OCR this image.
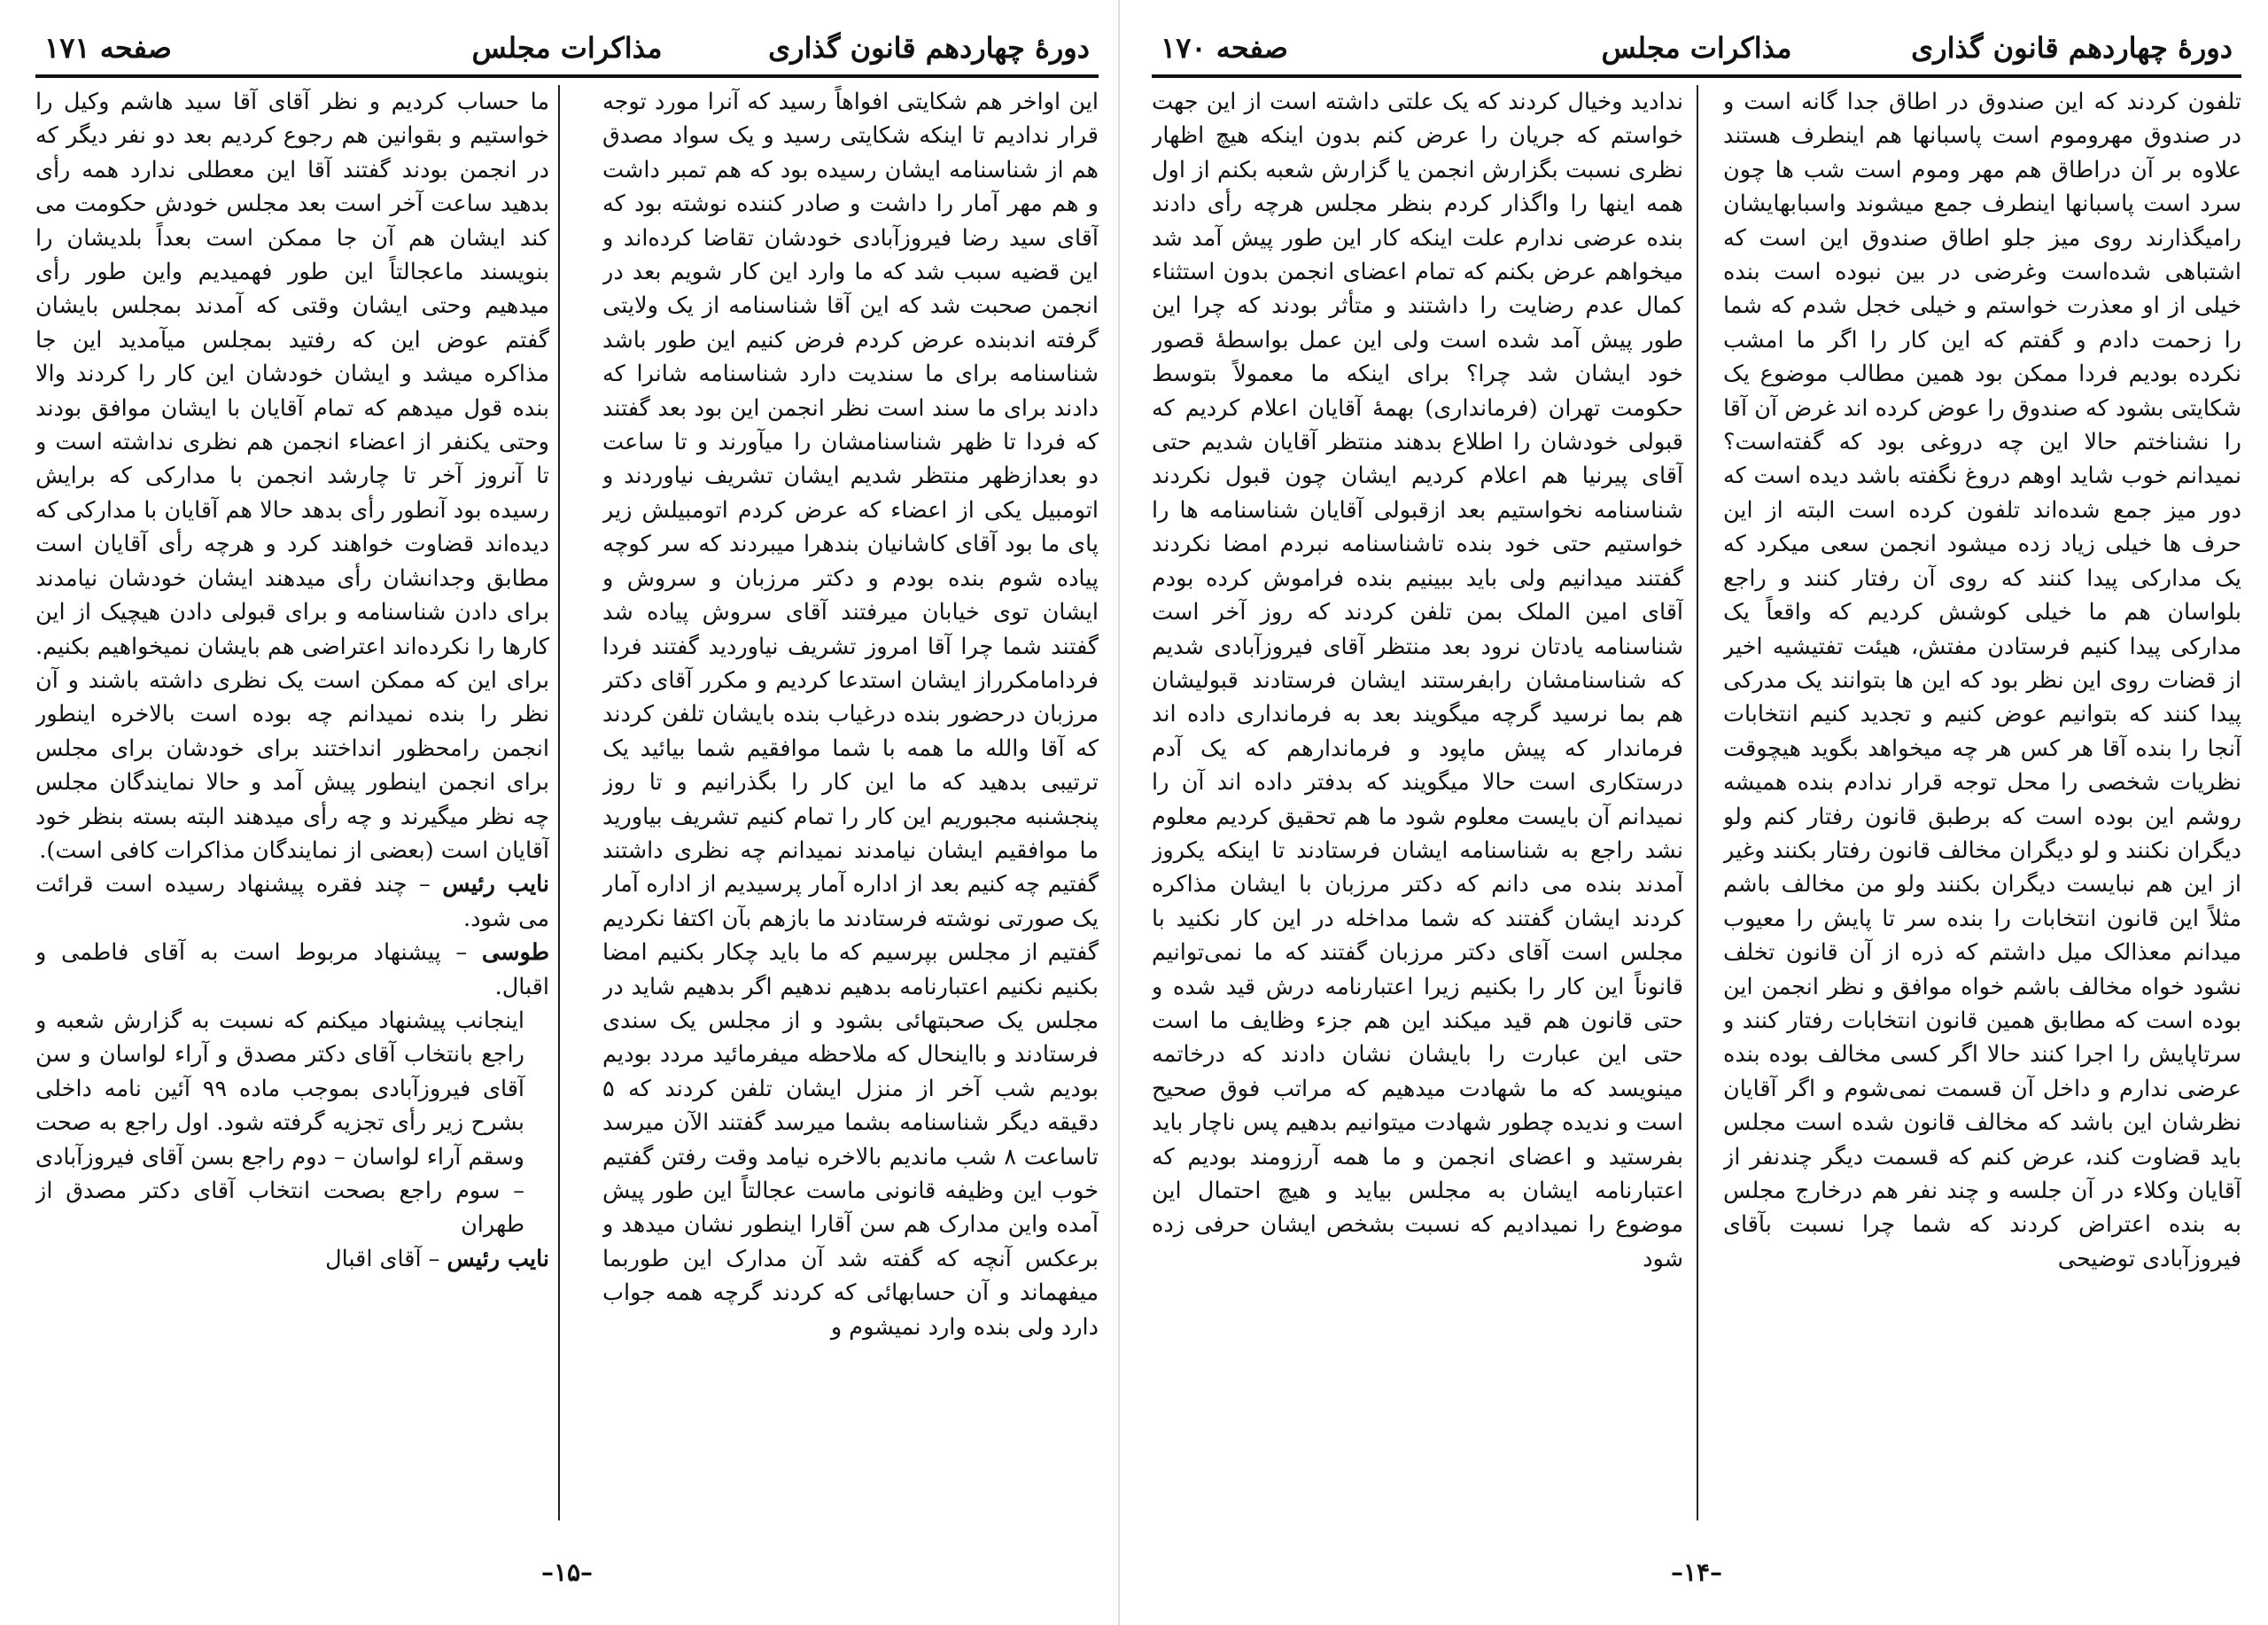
دورهٔ چهاردهم قانون گذاری
مذاکرات مجلس
صفحه ۱۷۱

این اواخر هم شکایتی افواهاً رسید که آنرا مورد توجه قرار ندادیم تا اینکه شکایتی رسید و یک سواد مصدق هم از شناسنامه ایشان رسیده بود که هم تمبر داشت و هم مهر آمار را داشت و صادر کننده نوشته بود که آقای سید رضا فیروزآبادی خودشان تقاضا کرده‌اند و این قضیه سبب شد که ما وارد این کار شویم بعد در انجمن صحبت شد که این آقا شناسنامه از یک ولایتی گرفته اندبنده عرض کردم فرض کنیم این طور باشد شناسنامه برای ما سندیت دارد شناسنامه شانرا که دادند برای ما سند است نظر انجمن این بود بعد گفتند که فردا تا ظهر شناسنامشان را میآورند و تا ساعت دو بعدازظهر منتظر شدیم ایشان تشریف نیاوردند و اتومبیل یکی از اعضاء که عرض کردم اتومبیلش زیر پای ما بود آقای کاشانیان بندهرا میبردند که سر کوچه پیاده شوم بنده بودم و دکتر مرزبان و سروش و ایشان توی خیابان میرفتند آقای سروش پیاده شد گفتند شما چرا آقا امروز تشریف نیاوردید گفتند فردا فردامامکرراز ایشان استدعا کردیم و مکرر آقای دکتر مرزبان درحضور بنده درغیاب بنده بایشان تلفن کردند که آقا والله ما همه با شما موافقیم شما بیائید یک ترتیبی بدهید که ما این کار را بگذرانیم و تا روز پنجشنبه مجبوریم این کار را تمام کنیم تشریف بیاورید ما موافقیم ایشان نیامدند نمیدانم چه نظری داشتند گفتیم چه کنیم بعد از اداره آمار پرسیدیم از اداره آمار یک صورتی نوشته فرستادند ما بازهم بآن اکتفا نکردیم گفتیم از مجلس بپرسیم که ما باید چکار بکنیم امضا بکنیم نکنیم اعتبارنامه بدهیم ندهیم اگر بدهیم شاید در مجلس یک صحبتهائی بشود و از مجلس یک سندی فرستادند و بااینحال که ملاحظه میفرمائید مردد بودیم بودیم شب آخر از منزل ایشان تلفن کردند که ۵ دقیقه دیگر شناسنامه بشما میرسد گفتند الآن میرسد تاساعت ۸ شب ماندیم بالاخره نیامد وقت رفتن گفتیم خوب این وظیفه قانونی ماست عجالتاً این طور پیش آمده واین مدارک هم سن آقارا اینطور نشان میدهد و برعکس آنچه که گفته شد آن مدارک این طوربما میفهماند و آن حسابهائی که کردند گرچه همه جواب دارد ولی بنده وارد نمیشوم و

ما حساب کردیم و نظر آقای آقا سید هاشم وکیل را خواستیم و بقوانین هم رجوع کردیم بعد دو نفر دیگر که در انجمن بودند گفتند آقا این معطلی ندارد همه رأی بدهید ساعت آخر است بعد مجلس خودش حکومت می کند ایشان هم آن جا ممکن است بعداً بلدیشان را بنویسند ماعجالتاً این طور فهمیدیم واین طور رأی میدهیم وحتی ایشان وقتی که آمدند بمجلس بایشان گفتم عوض این که رفتید بمجلس میآمدید این جا مذاکره میشد و ایشان خودشان این کار را کردند والا بنده قول میدهم که تمام آقایان با ایشان موافق بودند وحتی یکنفر از اعضاء انجمن هم نظری نداشته است و تا آنروز آخر تا چارشد انجمن با مدارکی که برایش رسیده بود آنطور رأی بدهد حالا هم آقایان با مدارکی که دیده‌اند قضاوت خواهند کرد و هرچه رأی آقایان است مطابق وجدانشان رأی میدهند ایشان خودشان نیامدند برای دادن شناسنامه و برای قبولی دادن هیچیک از این کارها را نکرده‌اند اعتراضی هم بایشان نمیخواهیم بکنیم. برای این که ممکن است یک نظری داشته باشند و آن نظر را بنده نمیدانم چه بوده است بالاخره اینطور انجمن رامحظور انداختند برای خودشان برای مجلس برای انجمن اینطور پیش آمد و حالا نمایندگان مجلس چه نظر میگیرند و چه رأی میدهند البته بسته بنظر خود آقایان است (بعضی از نمایندگان مذاکرات کافی است).

نایب رئیس – چند فقره پیشنهاد رسیده است قرائت می شود.

طوسی – پیشنهاد مربوط است به آقای فاطمی و اقبال.

اینجانب پیشنهاد میکنم که نسبت به گزارش شعبه و راجع بانتخاب آقای دکتر مصدق و آراء لواسان و سن آقای فیروزآبادی بموجب ماده ۹۹ آئین نامه داخلی بشرح زیر رأی تجزیه گرفته شود. اول راجع به صحت وسقم آراء لواسان – دوم راجع بسن آقای فیروزآبادی – سوم راجع بصحت انتخاب آقای دکتر مصدق از طهران

نایب رئیس – آقای اقبال

–۱۵–
دورهٔ چهاردهم قانون گذاری
مذاکرات مجلس
صفحه ۱۷۰

تلفون کردند که این صندوق در اطاق جدا گانه است و در صندوق مهروموم است پاسبانها هم اینطرف هستند علاوه بر آن دراطاق هم مهر وموم است شب ها چون سرد است پاسبانها اینطرف جمع میشوند واسبابهایشان رامیگذارند روی میز جلو اطاق صندوق این است که اشتباهی شده‌است وغرضی در بین نبوده است بنده خیلی از او معذرت خواستم و خیلی خجل شدم که شما را زحمت دادم و گفتم که این کار را اگر ما امشب نکرده بودیم فردا ممکن بود همین مطالب موضوع یک شکایتی بشود که صندوق را عوض کرده اند غرض آن آقا را نشناختم حالا این چه دروغی بود که گفته‌است؟ نمیدانم خوب شاید اوهم دروغ نگفته باشد دیده است که دور میز جمع شده‌اند تلفون کرده است البته از این حرف ها خیلی زیاد زده میشود انجمن سعی میکرد که یک مدارکی پیدا کنند که روی آن رفتار کنند و راجع بلواسان هم ما خیلی کوشش کردیم که واقعاً یک مدارکی پیدا کنیم فرستادن مفتش، هیئت تفتیشیه اخیر از قضات روی این نظر بود که این ها بتوانند یک مدرکی پیدا کنند که بتوانیم عوض کنیم و تجدید کنیم انتخابات آنجا را بنده آقا هر کس هر چه میخواهد بگوید هیچوقت نظریات شخصی را محل توجه قرار ندادم بنده همیشه روشم این بوده است که برطبق قانون رفتار کنم ولو دیگران نکنند و لو دیگران مخالف قانون رفتار بکنند وغیر از این هم نبایست دیگران بکنند ولو من مخالف باشم مثلاً این قانون انتخابات را بنده سر تا پایش را معیوب میدانم معذالک میل داشتم که ذره از آن قانون تخلف نشود خواه مخالف باشم خواه موافق و نظر انجمن این بوده است که مطابق همین قانون انتخابات رفتار کنند و سرتاپایش را اجرا کنند حالا اگر کسی مخالف بوده بنده عرضی ندارم و داخل آن قسمت نمی‌شوم و اگر آقایان نظرشان این باشد که مخالف قانون شده است مجلس باید قضاوت کند، عرض کنم که قسمت دیگر چندنفر از آقایان وکلاء در آن جلسه و چند نفر هم درخارج مجلس به بنده اعتراض کردند که شما چرا نسبت بآقای فیروزآبادی توضیحی

ندادید وخیال کردند که یک علتی داشته است از این جهت خواستم که جریان را عرض کنم بدون اینکه هیچ اظهار نظری نسبت بگزارش انجمن یا گزارش شعبه بکنم از اول همه اینها را واگذار کردم بنظر مجلس هرچه رأی دادند بنده عرضی ندارم علت اینکه کار این طور پیش آمد شد میخواهم عرض بکنم که تمام اعضای انجمن بدون استثناء کمال عدم رضایت را داشتند و متأثر بودند که چرا این طور پیش آمد شده است ولی این عمل بواسطهٔ قصور خود ایشان شد چرا؟ برای اینکه ما معمولاً بتوسط حکومت تهران (فرمانداری) بهمهٔ آقایان اعلام کردیم که قبولی خودشان را اطلاع بدهند منتظر آقایان شدیم حتی آقای پیرنیا هم اعلام کردیم ایشان چون قبول نکردند شناسنامه نخواستیم بعد ازقبولی آقایان شناسنامه ها را خواستیم حتی خود بنده تاشناسنامه نبردم امضا نکردند گفتند میدانیم ولی باید ببینیم بنده فراموش کرده بودم آقای امین الملک بمن تلفن کردند که روز آخر است شناسنامه یادتان نرود بعد منتظر آقای فیروزآبادی شدیم که شناسنامشان رابفرستند ایشان فرستادند قبولیشان هم بما نرسید گرچه میگویند بعد به فرمانداری داده اند فرماندار که پیش ماپود و فرماندارهم که یک آدم درستکاری است حالا میگویند که بدفتر داده اند آن را نمیدانم آن بایست معلوم شود ما هم تحقیق کردیم معلوم نشد راجع به شناسنامه ایشان فرستادند تا اینکه یکروز آمدند بنده می دانم که دکتر مرزبان با ایشان مذاکره کردند ایشان گفتند که شما مداخله در این کار نکنید با مجلس است آقای دکتر مرزبان گفتند که ما نمی‌توانیم قانوناً این کار را بکنیم زیرا اعتبارنامه درش قید شده و حتی قانون هم قید میکند این هم جزء وظایف ما است حتی این عبارت را بایشان نشان دادند که درخاتمه مینویسد که ما شهادت میدهیم که مراتب فوق صحیح است و ندیده چطور شهادت میتوانیم بدهیم پس ناچار باید بفرستید و اعضای انجمن و ما همه آرزومند بودیم که اعتبارنامه ایشان به مجلس بیاید و هیچ احتمال این موضوع را نمیدادیم که نسبت بشخص ایشان حرفی زده شود

–۱۴–
